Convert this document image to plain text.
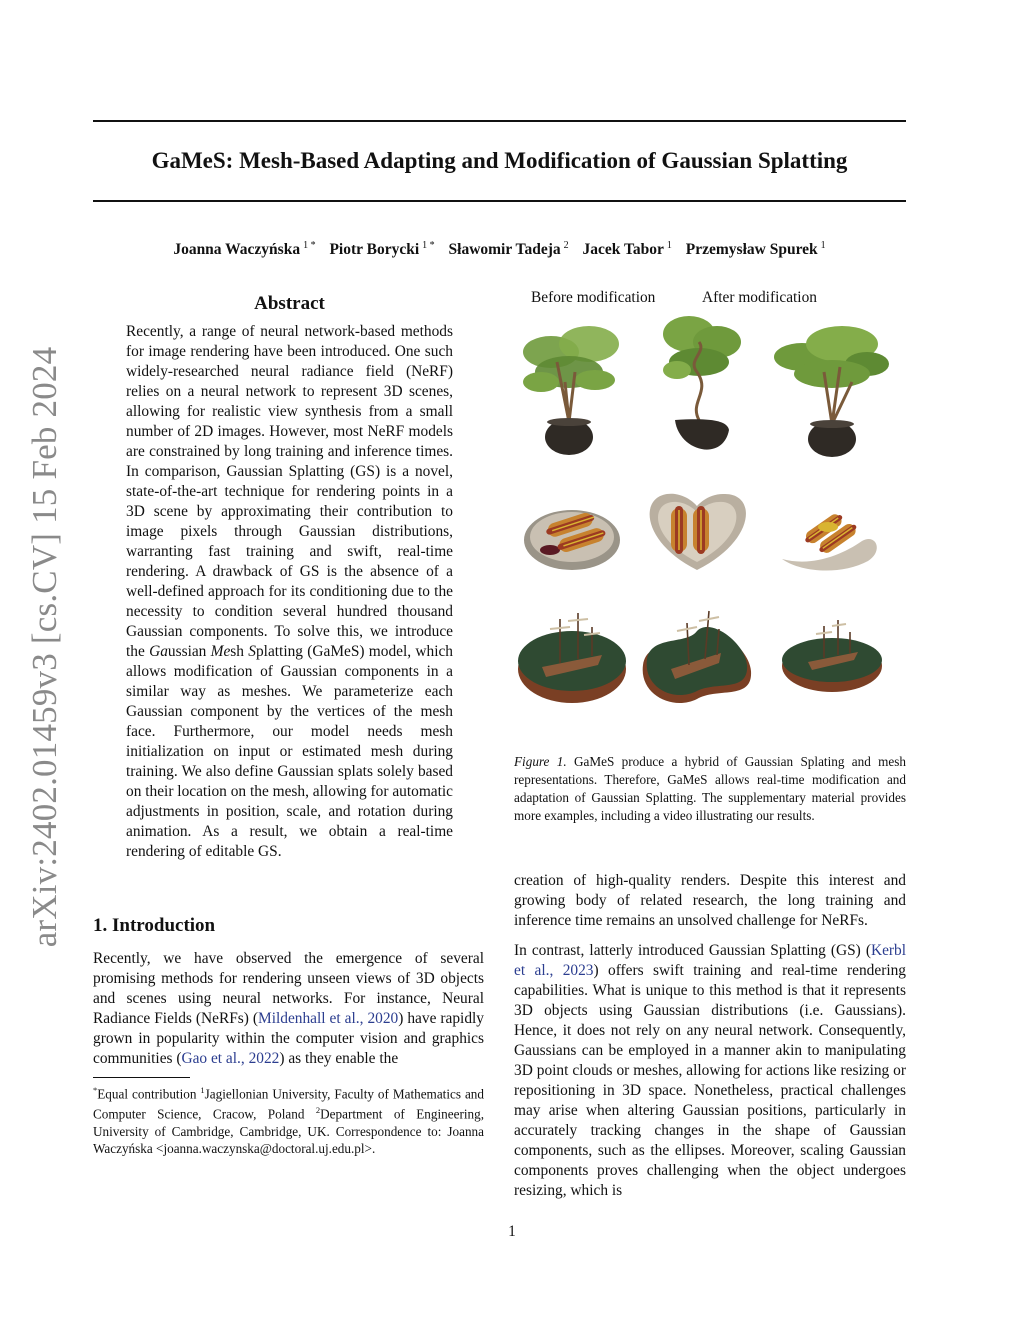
GaMeS: Mesh-Based Adapting and Modification of Gaussian Splatting
Joanna Waczyńska $^{1 *}$ Piotr Borycki $^{1 *}$ Sławomir Tadeja $^2$ Jacek Tabor $^1$ Przemysław Spurek $^1$
arXiv:2402.01459v3 [cs.CV] 15 Feb 2024
Abstract

Recently, a range of neural network-based methods for image rendering have been introduced. One such widely-researched neural radiance field (NeRF) relies on a neural network to represent 3D scenes, allowing for realistic view synthesis from a small number of 2D images. However, most NeRF models are constrained by long training and inference times. In comparison, Gaussian Splatting (GS) is a novel, state-of-the-art technique for rendering points in a 3D scene by approximating their contribution to image pixels through Gaussian distributions, warranting fast training and swift, real-time rendering. A drawback of GS is the absence of a well-defined approach for its conditioning due to the necessity to condition several hundred thousand Gaussian components. To solve this, we introduce the Gaussian Mesh Splatting (GaMeS) model, which allows modification of Gaussian components in a similar way as meshes. We parameterize each Gaussian component by the vertices of the mesh face. Furthermore, our model needs mesh initialization on input or estimated mesh during training. We also define Gaussian splats solely based on their location on the mesh, allowing for automatic adjustments in position, scale, and rotation during animation. As a result, we obtain a real-time rendering of editable GS.

1. Introduction

Recently, we have observed the emergence of several promising methods for rendering unseen views of 3D objects and scenes using neural networks. For instance, Neural Radiance Fields (NeRFs) (Mildenhall et al., 2020) have rapidly grown in popularity within the computer vision and graphics communities (Gao et al., 2022) as they enable the

*Equal contribution $^1$Jagiellonian University, Faculty of Mathematics and Computer Science, Cracow, Poland $^2$Department of Engineering, University of Cambridge, Cambridge, UK. Correspondence to: Joanna Waczyńska <joanna.waczynska@doctoral.uj.edu.pl>.

Before modification	After modification

Figure 1. GaMeS produce a hybrid of Gaussian Splating and mesh representations. Therefore, GaMeS allows real-time modification and adaptation of Gaussian Splatting. The supplementary material provides more examples, including a video illustrating our results.

creation of high-quality renders. Despite this interest and growing body of related research, the long training and inference time remains an unsolved challenge for NeRFs.

In contrast, latterly introduced Gaussian Splatting (GS) (Kerbl et al., 2023) offers swift training and real-time rendering capabilities. What is unique to this method is that it represents 3D objects using Gaussian distributions (i.e. Gaussians). Hence, it does not rely on any neural network. Consequently, Gaussians can be employed in a manner akin to manipulating 3D point clouds or meshes, allowing for actions like resizing or repositioning in 3D space. Nonetheless, practical challenges may arise when altering Gaussian positions, particularly in accurately tracking changes in the shape of Gaussian components, such as the ellipses. Moreover, scaling Gaussian components proves challenging when the object undergoes resizing, which is

1
